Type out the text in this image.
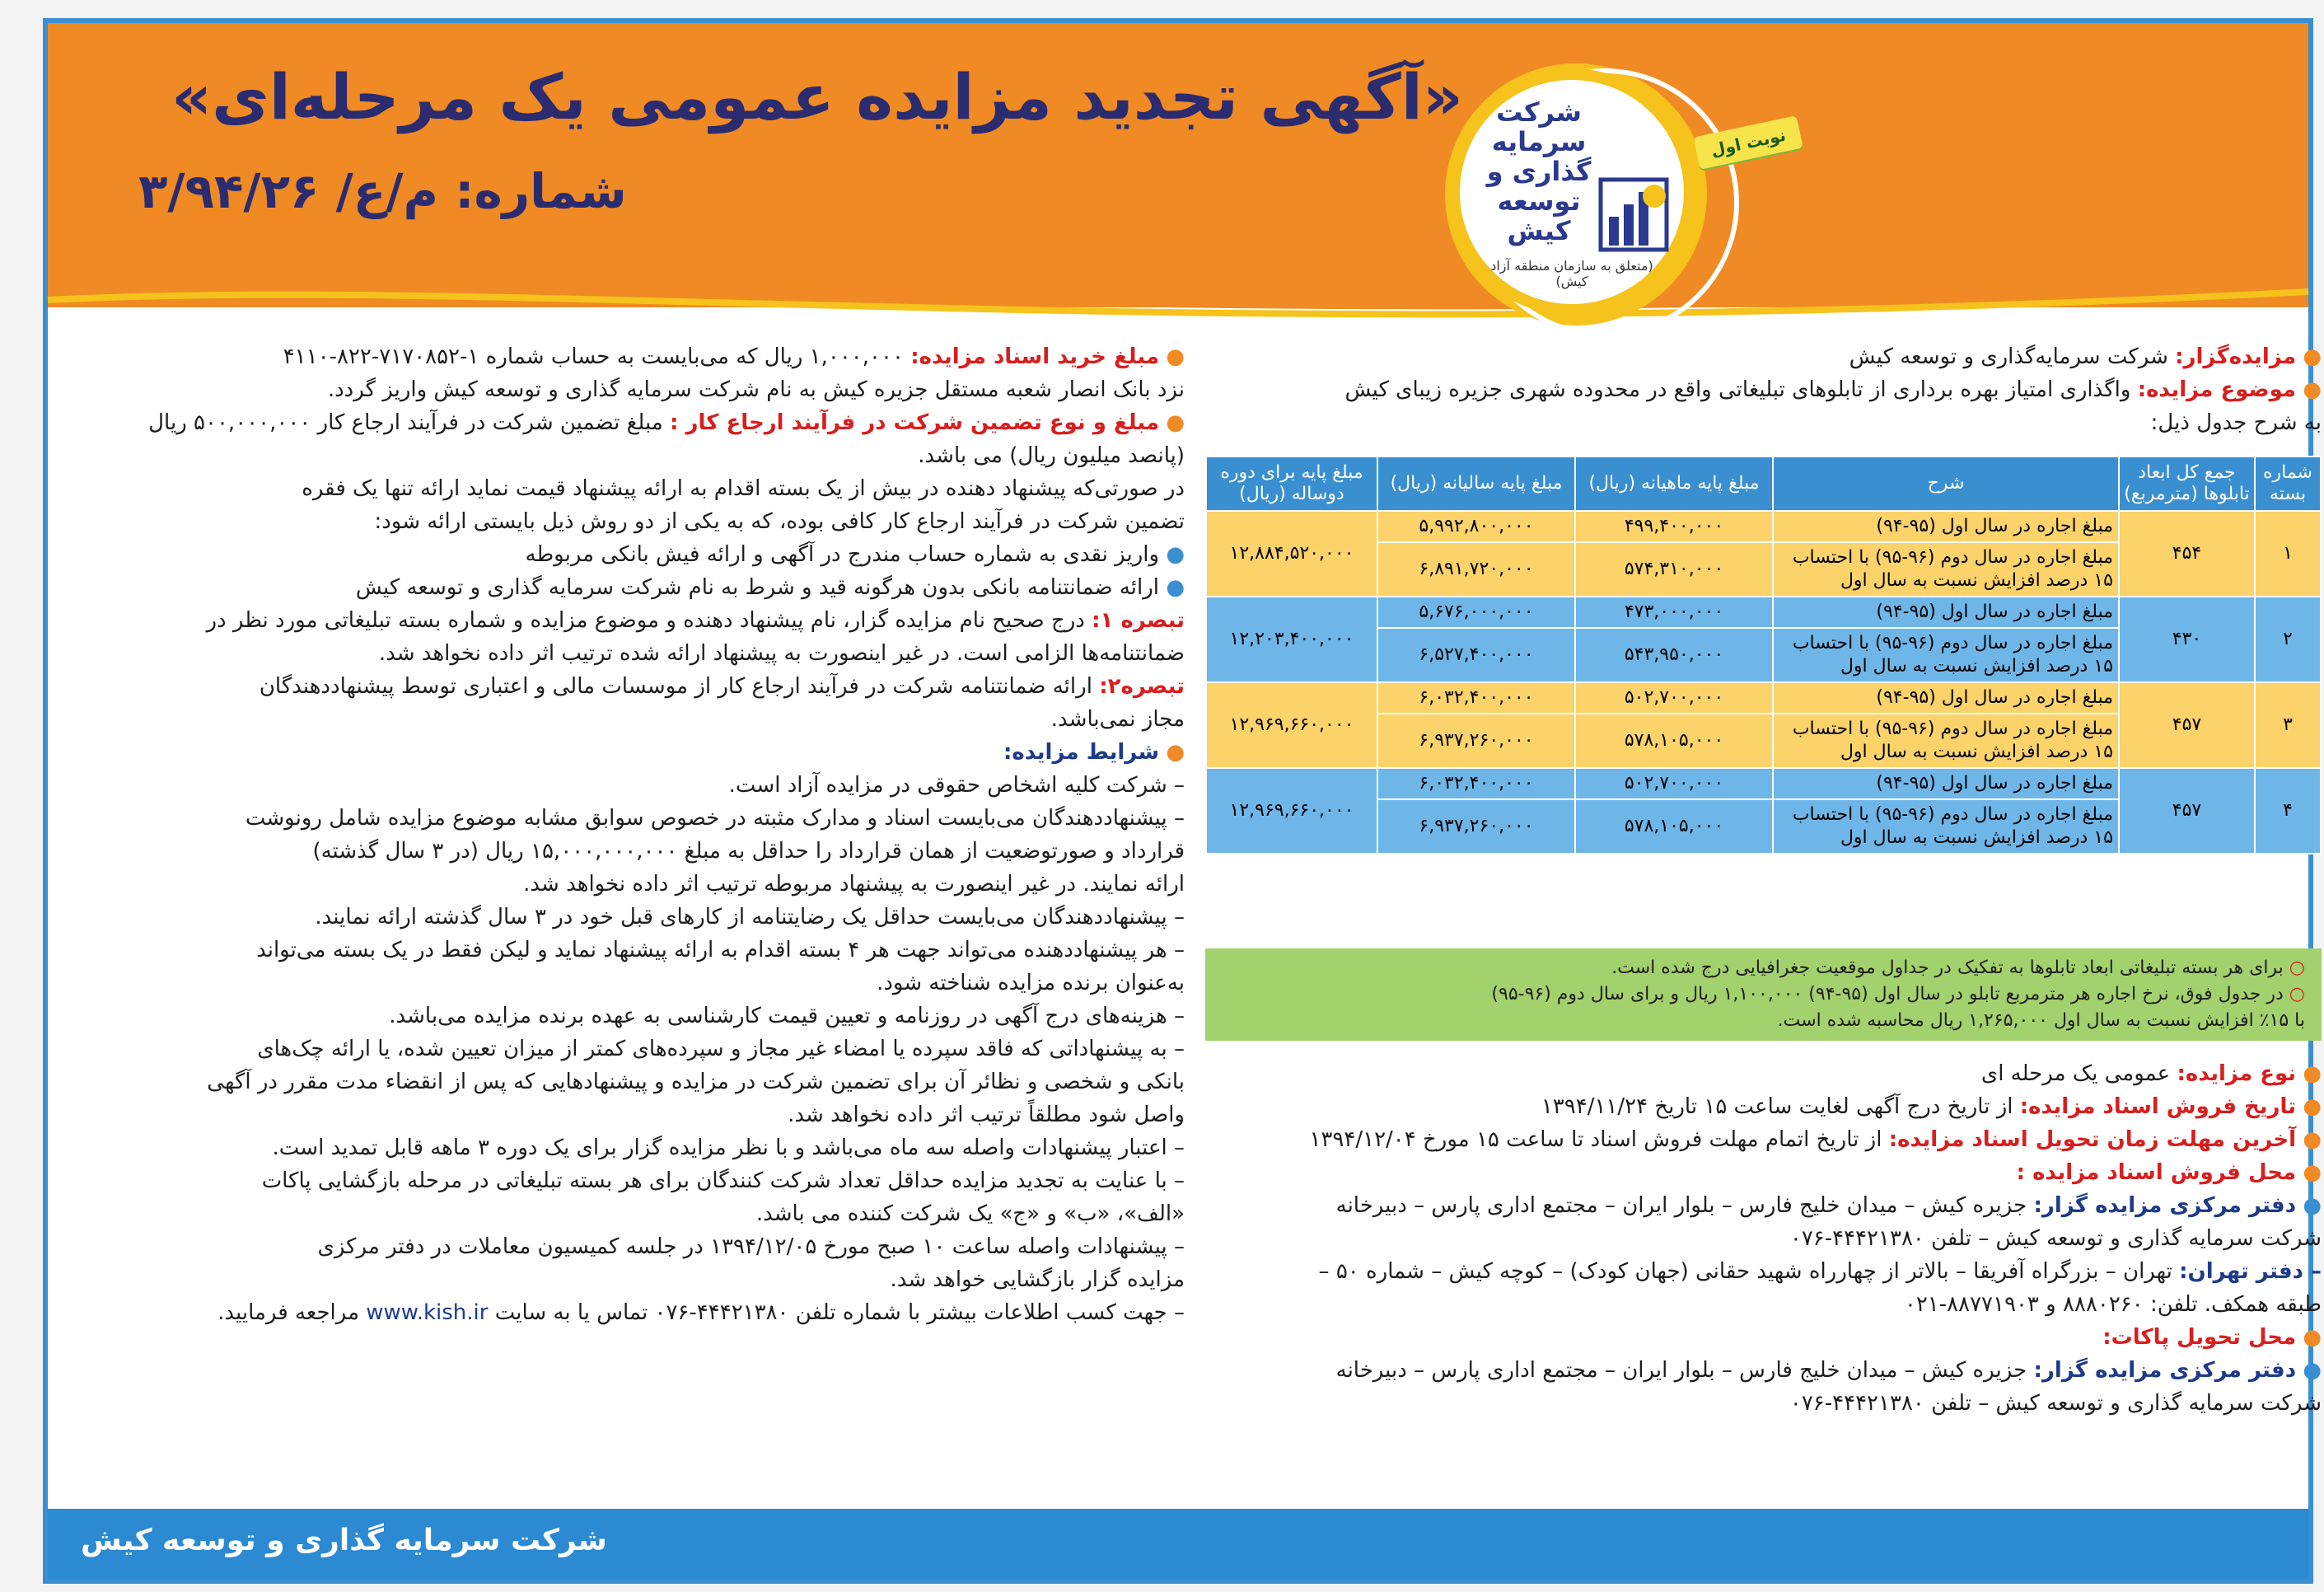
«آگهی تجدید مزایده عمومی یک مرحله‌ای»
شماره: م/ع/ ۳/۹۴/۲۶
شرکت سرمایه گذاری و توسعه کیش
(متعلق به سازمان منطقه آزاد کیش)
نوبت اول

● مزایده‌گزار: شرکت سرمایه‌گذاری و توسعه کیش

● موضوع مزایده: واگذاری امتیاز بهره برداری از تابلوهای تبلیغاتی واقع در محدوده شهری جزیره زیبای کیش

به شرح جدول ذیل:

شماره بسته	جمع کل ابعاد تابلوها (مترمربع)	شرح	مبلغ پایه ماهیانه (ریال)	مبلغ پایه سالیانه (ریال)	مبلغ پایه برای دوره دوساله (ریال)
۱	۴۵۴	مبلغ اجاره در سال اول (۹۵-۹۴)	۴۹۹,۴۰۰,۰۰۰	۵,۹۹۲,۸۰۰,۰۰۰	۱۲,۸۸۴,۵۲۰,۰۰۰
		مبلغ اجاره در سال دوم (۹۶-۹۵) با احتساب ۱۵ درصد افزایش نسبت به سال اول	۵۷۴,۳۱۰,۰۰۰	۶,۸۹۱,۷۲۰,۰۰۰	
۲	۴۳۰	مبلغ اجاره در سال اول (۹۵-۹۴)	۴۷۳,۰۰۰,۰۰۰	۵,۶۷۶,۰۰۰,۰۰۰	۱۲,۲۰۳,۴۰۰,۰۰۰
		مبلغ اجاره در سال دوم (۹۶-۹۵) با احتساب ۱۵ درصد افزایش نسبت به سال اول	۵۴۳,۹۵۰,۰۰۰	۶,۵۲۷,۴۰۰,۰۰۰	
۳	۴۵۷	مبلغ اجاره در سال اول (۹۵-۹۴)	۵۰۲,۷۰۰,۰۰۰	۶,۰۳۲,۴۰۰,۰۰۰	۱۲,۹۶۹,۶۶۰,۰۰۰
		مبلغ اجاره در سال دوم (۹۶-۹۵) با احتساب ۱۵ درصد افزایش نسبت به سال اول	۵۷۸,۱۰۵,۰۰۰	۶,۹۳۷,۲۶۰,۰۰۰	
۴	۴۵۷	مبلغ اجاره در سال اول (۹۵-۹۴)	۵۰۲,۷۰۰,۰۰۰	۶,۰۳۲,۴۰۰,۰۰۰	۱۲,۹۶۹,۶۶۰,۰۰۰
		مبلغ اجاره در سال دوم (۹۶-۹۵) با احتساب ۱۵ درصد افزایش نسبت به سال اول	۵۷۸,۱۰۵,۰۰۰	۶,۹۳۷,۲۶۰,۰۰۰	
○ برای هر بسته تبلیغاتی ابعاد تابلوها به تفکیک در جداول موقعیت جغرافیایی درج شده است.
○ در جدول فوق، نرخ اجاره هر مترمربع تابلو در سال اول (۹۵-۹۴) ۱,۱۰۰,۰۰۰ ریال و برای سال دوم (۹۶-۹۵)
با ۱۵٪ افزایش نسبت به سال اول ۱,۲۶۵,۰۰۰ ریال محاسبه شده است.

● نوع مزایده: عمومی یک مرحله ای

● تاریخ فروش اسناد مزایده: از تاریخ درج آگهی لغایت ساعت ۱۵ تاریخ ۱۳۹۴/۱۱/۲۴

● آخرین مهلت زمان تحویل اسناد مزایده: از تاریخ اتمام مهلت فروش اسناد تا ساعت ۱۵ مورخ ۱۳۹۴/۱۲/۰۴

● محل فروش اسناد مزایده :

● دفتر مرکزی مزایده گزار: جزیره کیش – میدان خلیج فارس – بلوار ایران – مجتمع اداری پارس – دبیرخانه

شرکت سرمایه گذاری و توسعه کیش – تلفن ۴۴۴۲۱۳۸۰-۰۷۶

– دفتر تهران: تهران – بزرگراه آفریقا – بالاتر از چهارراه شهید حقانی (جهان کودک) – کوچه کیش – شماره ۵۰ –

طبقه همکف. تلفن: ۸۸۸۰۲۶۰ و ۸۸۷۷۱۹۰۳-۰۲۱

● محل تحویل پاکات:

● دفتر مرکزی مزایده گزار: جزیره کیش – میدان خلیج فارس – بلوار ایران – مجتمع اداری پارس – دبیرخانه

شرکت سرمایه گذاری و توسعه کیش – تلفن ۴۴۴۲۱۳۸۰-۰۷۶

● مبلغ خرید اسناد مزایده: ۱,۰۰۰,۰۰۰ ریال که می‌بایست به حساب شماره ۱-۷۱۷۰۸۵۲-۸۲۲-۴۱۱۰

نزد بانک انصار شعبه مستقل جزیره کیش به نام شرکت سرمایه گذاری و توسعه کیش واریز گردد.

● مبلغ و نوع تضمین شرکت در فرآیند ارجاع کار : مبلغ تضمین شرکت در فرآیند ارجاع کار ۵۰۰,۰۰۰,۰۰۰ ریال

(پانصد میلیون ریال) می باشد.

در صورتی‌که پیشنهاد دهنده در بیش از یک بسته اقدام به ارائه پیشنهاد قیمت نماید ارائه تنها یک فقره

تضمین شرکت در فرآیند ارجاع کار کافی بوده، که به یکی از دو روش ذیل بایستی ارائه شود:

● واریز نقدی به شماره حساب مندرج در آگهی و ارائه فیش بانکی مربوطه

● ارائه ضمانتنامه بانکی بدون هرگونه قید و شرط به نام شرکت سرمایه گذاری و توسعه کیش

تبصره ۱: درج صحیح نام مزایده گزار، نام پیشنهاد دهنده و موضوع مزایده و شماره بسته تبلیغاتی مورد نظر در

ضمانتنامه‌ها الزامی است. در غیر اینصورت به پیشنهاد ارائه شده ترتیب اثر داده نخواهد شد.

تبصره۲: ارائه ضمانتنامه شرکت در فرآیند ارجاع کار از موسسات مالی و اعتباری توسط پیشنهاددهندگان

مجاز نمی‌باشد.

● شرایط مزایده:

– شرکت کلیه اشخاص حقوقی در مزایده آزاد است.

– پیشنهاددهندگان می‌بایست اسناد و مدارک مثبته در خصوص سوابق مشابه موضوع مزایده شامل رونوشت

قرارداد و صورتوضعیت از همان قرارداد را حداقل به مبلغ ۱۵,۰۰۰,۰۰۰,۰۰۰ ریال (در ۳ سال گذشته)

ارائه نمایند. در غیر اینصورت به پیشنهاد مربوطه ترتیب اثر داده نخواهد شد.

– پیشنهاددهندگان می‌بایست حداقل یک رضایتنامه از کارهای قبل خود در ۳ سال گذشته ارائه نمایند.

– هر پیشنهاددهنده می‌تواند جهت هر ۴ بسته اقدام به ارائه پیشنهاد نماید و لیکن فقط در یک بسته می‌تواند

به‌عنوان برنده مزایده شناخته شود.

– هزینه‌های درج آگهی در روزنامه و تعیین قیمت کارشناسی به عهده برنده مزایده می‌باشد.

– به پیشنهاداتی که فاقد سپرده یا امضاء غیر مجاز و سپرده‌های کمتر از میزان تعیین شده، یا ارائه چک‌های

بانکی و شخصی و نظائر آن برای تضمین شرکت در مزایده و پیشنهادهایی که پس از انقضاء مدت مقرر در آگهی

واصل شود مطلقاً ترتیب اثر داده نخواهد شد.

– اعتبار پیشنهادات واصله سه ماه می‌باشد و با نظر مزایده گزار برای یک دوره ۳ ماهه قابل تمدید است.

– با عنایت به تجدید مزایده حداقل تعداد شرکت کنندگان برای هر بسته تبلیغاتی در مرحله بازگشایی پاکات

«الف»، «ب» و «ج» یک شرکت کننده می باشد.

– پیشنهادات واصله ساعت ۱۰ صبح مورخ ۱۳۹۴/۱۲/۰۵ در جلسه کمیسیون معاملات در دفتر مرکزی

مزایده گزار بازگشایی خواهد شد.

– جهت کسب اطلاعات بیشتر با شماره تلفن ۴۴۴۲۱۳۸۰-۰۷۶ تماس یا به سایت www.kish.ir مراجعه فرمایید.

شرکت سرمایه گذاری و توسعه کیش
